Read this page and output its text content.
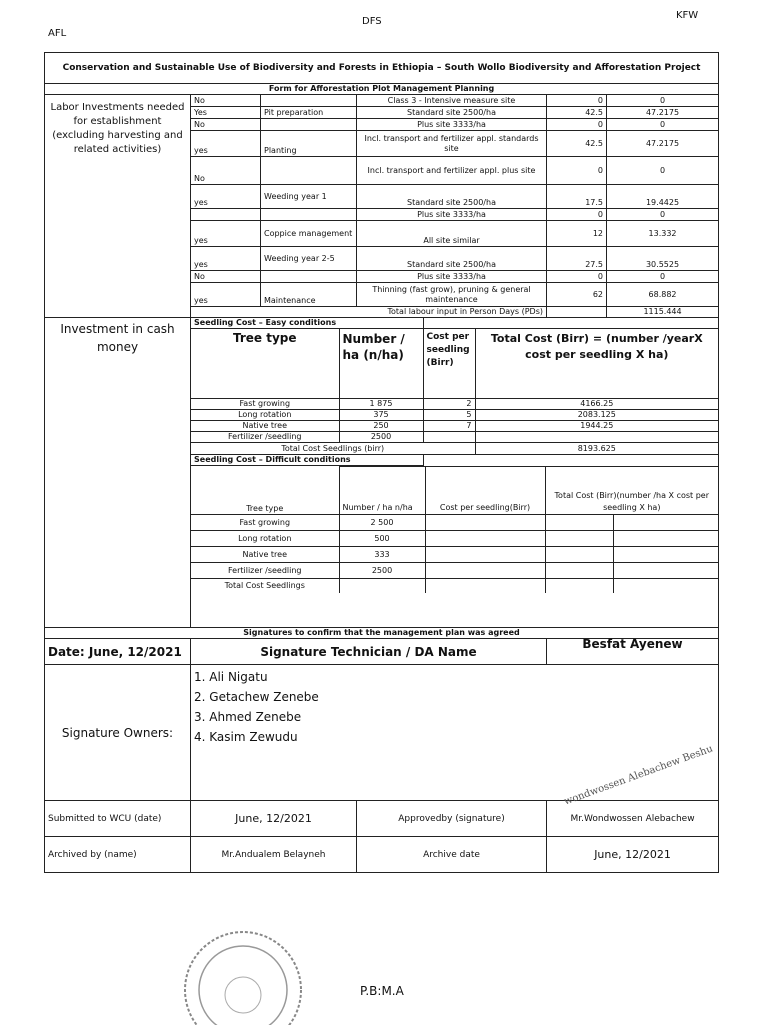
AFL
DFS
KFW
Conservation and Sustainable Use of Biodiversity and Forests in Ethiopia – South Wollo Biodiversity and Afforestation Project
Form for Afforestation Plot Management Planning
Labor Investments needed for establishment (excluding harvesting and related activities)	No		Class 3 - Intensive measure site	0	0
Yes	Pit preparation	Standard site 2500/ha	42.5	47.2175
No		Plus site 3333/ha	0	0
yes	Planting	Incl. transport and fertilizer appl. standards site	42.5	47.2175
No		Incl. transport and fertilizer appl. plus site	0	0
yes	Weeding year 1	Standard site 2500/ha	17.5	19.4425
		Plus site 3333/ha	0	0
yes	Coppice management	All site similar	12	13.332
yes	Weeding year 2-5	Standard site 2500/ha	27.5	30.5525
No		Plus site 3333/ha	0	0
yes	Maintenance	Thinning (fast grow), pruning & general maintenance	62	68.882
Total labour input in Person Days (PDs)		1115.444
Investment in cash money	
Seedling Cost – Easy conditions	
Tree type	Number / ha (n/ha)	Cost per seedling (Birr)	Total Cost (Birr) = (number /yearX cost per seedling X ha)
Fast growing	1 875	2	4166.25
Long rotation	375	5	2083.125
Native tree	250	7	1944.25
Fertilizer /seedling	2500		
Total Cost Seedlings (birr)	8193.625
Seedling Cost – Difficult conditions	
Tree type	Number / ha n/ha	Cost per seedling(Birr)	Total Cost (Birr)(number /ha X cost per seedling X ha)
Fast growing	2 500			
Long rotation	500			
Native tree	333			
Fertilizer /seedling	2500			
Total Cost Seedlings				

Signatures to confirm that the management plan was agreed
Date: June, 12/2021	Signature Technician / DA Name	Besfat Ayenew
Signature Owners:	
1. Ali Nigatu
2. Getachew Zenebe
3. Ahmed Zenebe
4. Kasim Zewudu

Submitted to WCU (date)	June, 12/2021	Approvedby (signature)	Mr.Wondwossen Alebachew
Archived by (name)	Mr.Andualem Belayneh	Archive date	June, 12/2021
wondwossen Alebachew Beshu
P.B:M.A
